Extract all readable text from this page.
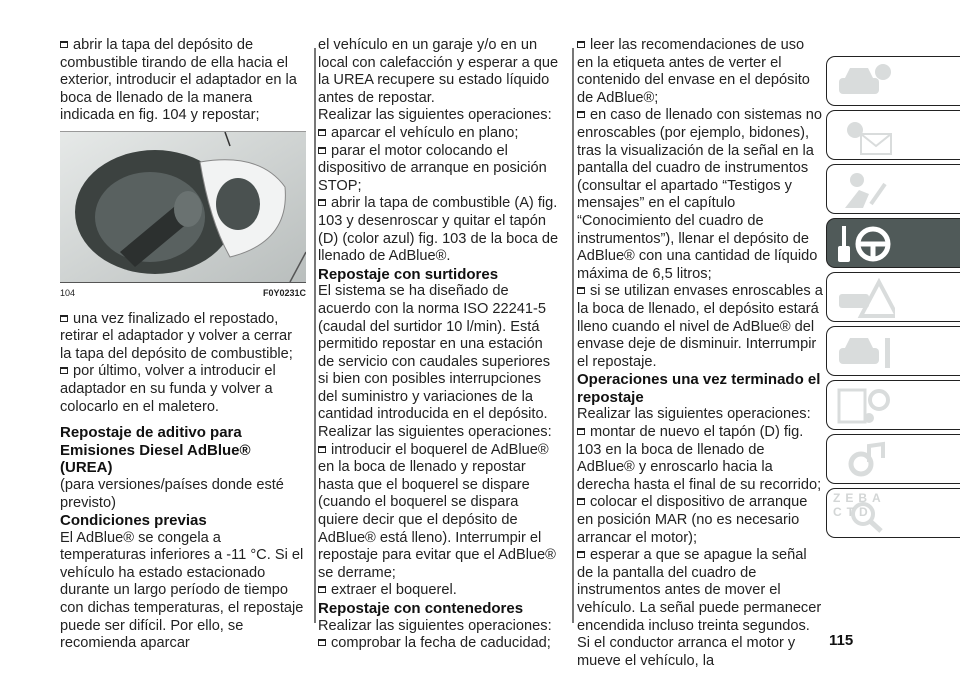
abrir la tapa del depósito de combustible tirando de ella hacia el exterior, introducir el adaptador en la boca de llenado de la manera indicada en fig. 104 y repostar;

104	F0Y0231C

una vez finalizado el repostado, retirar el adaptador y volver a cerrar la tapa del depósito de combustible;

por último, volver a introducir el adaptador en su funda y volver a colocarlo en el maletero.

Repostaje de aditivo para Emisiones Diesel AdBlue® (UREA)

(para versiones/países donde esté previsto)

Condiciones previas

El AdBlue® se congela a temperaturas inferiores a -11 °C. Si el vehículo ha estado estacionado durante un largo período de tiempo con dichas temperaturas, el repostaje puede ser difícil. Por ello, se recomienda aparcar

el vehículo en un garaje y/o en un local con calefacción y esperar a que la UREA recupere su estado líquido antes de repostar.

Realizar las siguientes operaciones:

aparcar el vehículo en plano;

parar el motor colocando el dispositivo de arranque en posición STOP;

abrir la tapa de combustible (A) fig. 103 y desenroscar y quitar el tapón (D) (color azul) fig. 103 de la boca de llenado de AdBlue®.

Repostaje con surtidores

El sistema se ha diseñado de acuerdo con la norma ISO 22241-5 (caudal del surtidor 10 l/min). Está permitido repostar en una estación de servicio con caudales superiores si bien con posibles interrupciones del suministro y variaciones de la cantidad introducida en el depósito.

Realizar las siguientes operaciones:

introducir el boquerel de AdBlue® en la boca de llenado y repostar hasta que el boquerel se dispare (cuando el boquerel se dispara quiere decir que el depósito de AdBlue® está lleno). Interrumpir el repostaje para evitar que el AdBlue® se derrame;

extraer el boquerel.

Repostaje con contenedores

Realizar las siguientes operaciones:

comprobar la fecha de caducidad;

leer las recomendaciones de uso en la etiqueta antes de verter el contenido del envase en el depósito de AdBlue®;

en caso de llenado con sistemas no enroscables (por ejemplo, bidones), tras la visualización de la señal en la pantalla del cuadro de instrumentos (consultar el apartado “Testigos y mensajes” en el capítulo “Conocimiento del cuadro de instrumentos”), llenar el depósito de AdBlue® con una cantidad de líquido máxima de 6,5 litros;

si se utilizan envases enroscables a la boca de llenado, el depósito estará lleno cuando el nivel de AdBlue® del envase deje de disminuir. Interrumpir el repostaje.

Operaciones una vez terminado el repostaje

Realizar las siguientes operaciones:

montar de nuevo el tapón (D) fig. 103 en la boca de llenado de AdBlue® y enroscarlo hacia la derecha hasta el final de su recorrido;

colocar el dispositivo de arranque en posición MAR (no es necesario arrancar el motor);

esperar a que se apague la señal de la pantalla del cuadro de instrumentos antes de mover el vehículo. La señal puede permanecer encendida incluso treinta segundos. Si el conductor arranca el motor y mueve el vehículo, la

ZEBACTD
115
